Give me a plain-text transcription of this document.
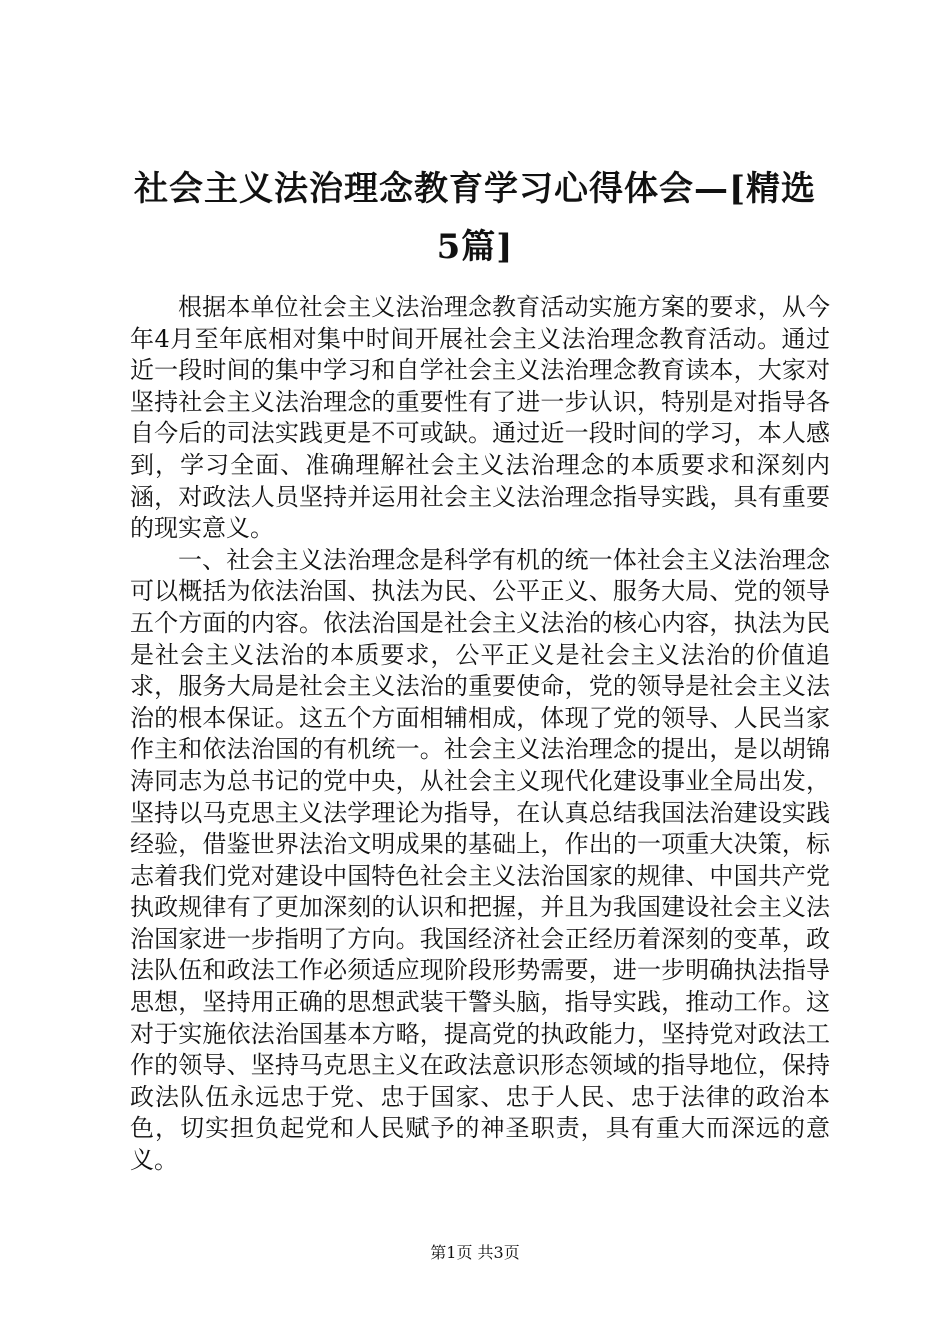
社会主义法治理念教育学习心得体会—[精选
5篇]

根据本单位社会主义法治理念教育活动实施方案的要求，从今年4月至年底相对集中时间开展社会主义法治理念教育活动。通过近一段时间的集中学习和自学社会主义法治理念教育读本，大家对坚持社会主义法治理念的重要性有了进一步认识，特别是对指导各自今后的司法实践更是不可或缺。通过近一段时间的学习，本人感到，学习全面、准确理解社会主义法治理念的本质要求和深刻内涵，对政法人员坚持并运用社会主义法治理念指导实践，具有重要的现实意义。

一、社会主义法治理念是科学有机的统一体社会主义法治理念可以概括为依法治国、执法为民、公平正义、服务大局、党的领导五个方面的内容。依法治国是社会主义法治的核心内容，执法为民是社会主义法治的本质要求，公平正义是社会主义法治的价值追求，服务大局是社会主义法治的重要使命，党的领导是社会主义法治的根本保证。这五个方面相辅相成，体现了党的领导、人民当家作主和依法治国的有机统一。社会主义法治理念的提出，是以胡锦涛同志为总书记的党中央，从社会主义现代化建设事业全局出发，坚持以马克思主义法学理论为指导，在认真总结我国法治建设实践经验，借鉴世界法治文明成果的基础上，作出的一项重大决策，标志着我们党对建设中国特色社会主义法治国家的规律、中国共产党执政规律有了更加深刻的认识和把握，并且为我国建设社会主义法治国家进一步指明了方向。我国经济社会正经历着深刻的变革，政法队伍和政法工作必须适应现阶段形势需要，进一步明确执法指导思想，坚持用正确的思想武装干警头脑，指导实践，推动工作。这对于实施依法治国基本方略，提高党的执政能力，坚持党对政法工作的领导、坚持马克思主义在政法意识形态领域的指导地位，保持政法队伍永远忠于党、忠于国家、忠于人民、忠于法律的政治本色，切实担负起党和人民赋予的神圣职责，具有重大而深远的意义。

第1页 共3页
